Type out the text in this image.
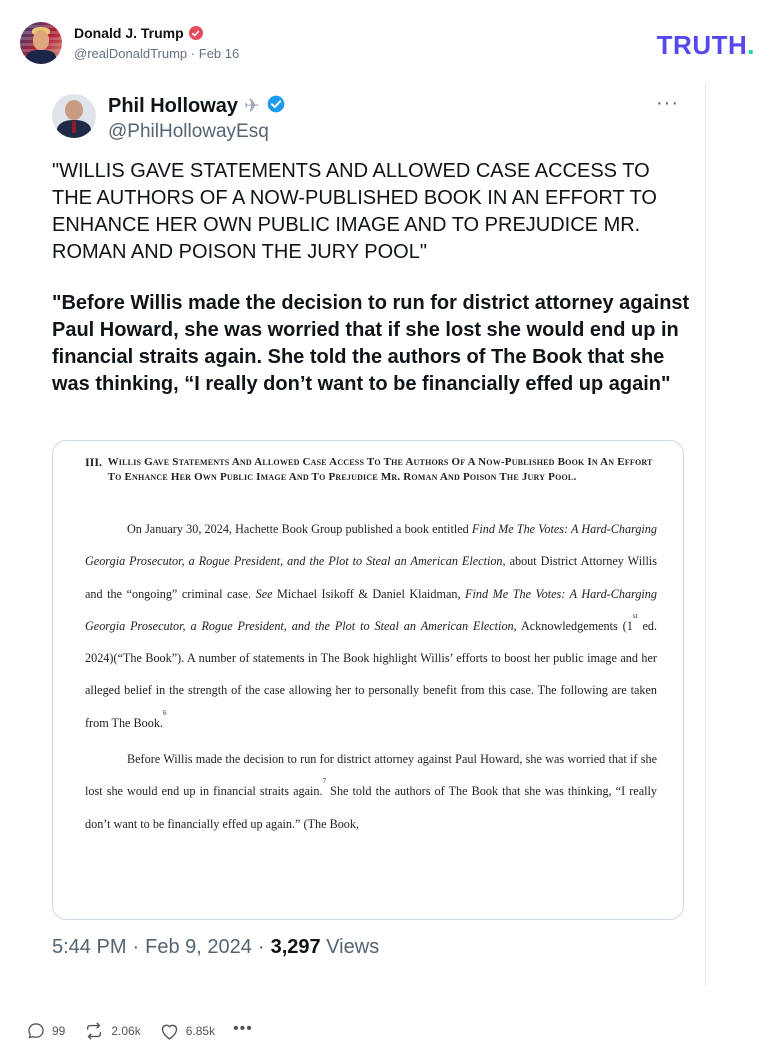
Donald J. Trump
@realDonaldTrump · Feb 16	TRUTH.
Phil Holloway ✈
@PhilHollowayEsq
···
"WILLIS GAVE STATEMENTS AND ALLOWED CASE ACCESS TO THE AUTHORS OF A NOW-PUBLISHED BOOK IN AN EFFORT TO ENHANCE HER OWN PUBLIC IMAGE AND TO PREJUDICE MR. ROMAN AND POISON THE JURY POOL"
"Before Willis made the decision to run for district attorney against Paul Howard, she was worried that if she lost she would end up in financial straits again. She told the authors of The Book that she was thinking, “I really don’t want to be financially effed up again"
III. Willis Gave Statements And Allowed Case Access To The Authors Of A Now-Published Book In An Effort To Enhance Her Own Public Image And To Prejudice Mr. Roman And Poison The Jury Pool.

On January 30, 2024, Hachette Book Group published a book entitled Find Me The Votes: A Hard-Charging Georgia Prosecutor, a Rogue President, and the Plot to Steal an American Election, about District Attorney Willis and the “ongoing” criminal case. See Michael Isikoff & Daniel Klaidman, Find Me The Votes: A Hard-Charging Georgia Prosecutor, a Rogue President, and the Plot to Steal an American Election, Acknowledgements (1st ed. 2024)(“The Book”). A number of statements in The Book highlight Willis’ efforts to boost her public image and her alleged belief in the strength of the case allowing her to personally benefit from this case. The following are taken from The Book.$^6$

Before Willis made the decision to run for district attorney against Paul Howard, she was worried that if she lost she would end up in financial straits again.$^7$ She told the authors of The Book that she was thinking, “I really don’t want to be financially effed up again.” (The Book,

5:44 PM · Feb 9, 2024 · 3,297 Views
99	2.06k	6.85k •••
